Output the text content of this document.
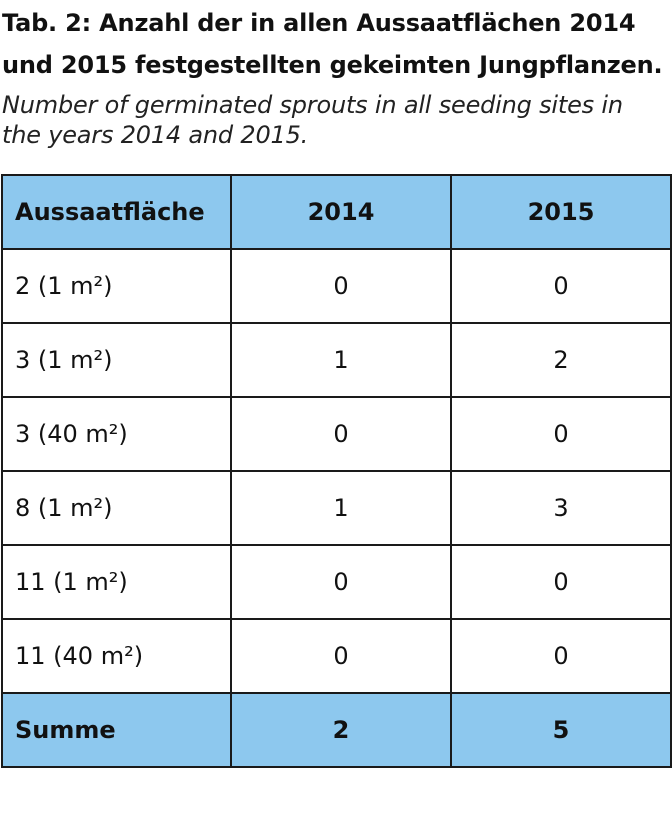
Tab. 2: Anzahl der in allen Aussaatflächen 2014
und 2015 festgestellten gekeimten Jungpflanzen.
Number of germinated sprouts in all seeding sites in
the years 2014 and 2015.
Aussaatfläche	2014	2015
2 (1 m²)	0	0
3 (1 m²)	1	2
3 (40 m²)	0	0
8 (1 m²)	1	3
11 (1 m²)	0	0
11 (40 m²)	0	0
Summe	2	5
